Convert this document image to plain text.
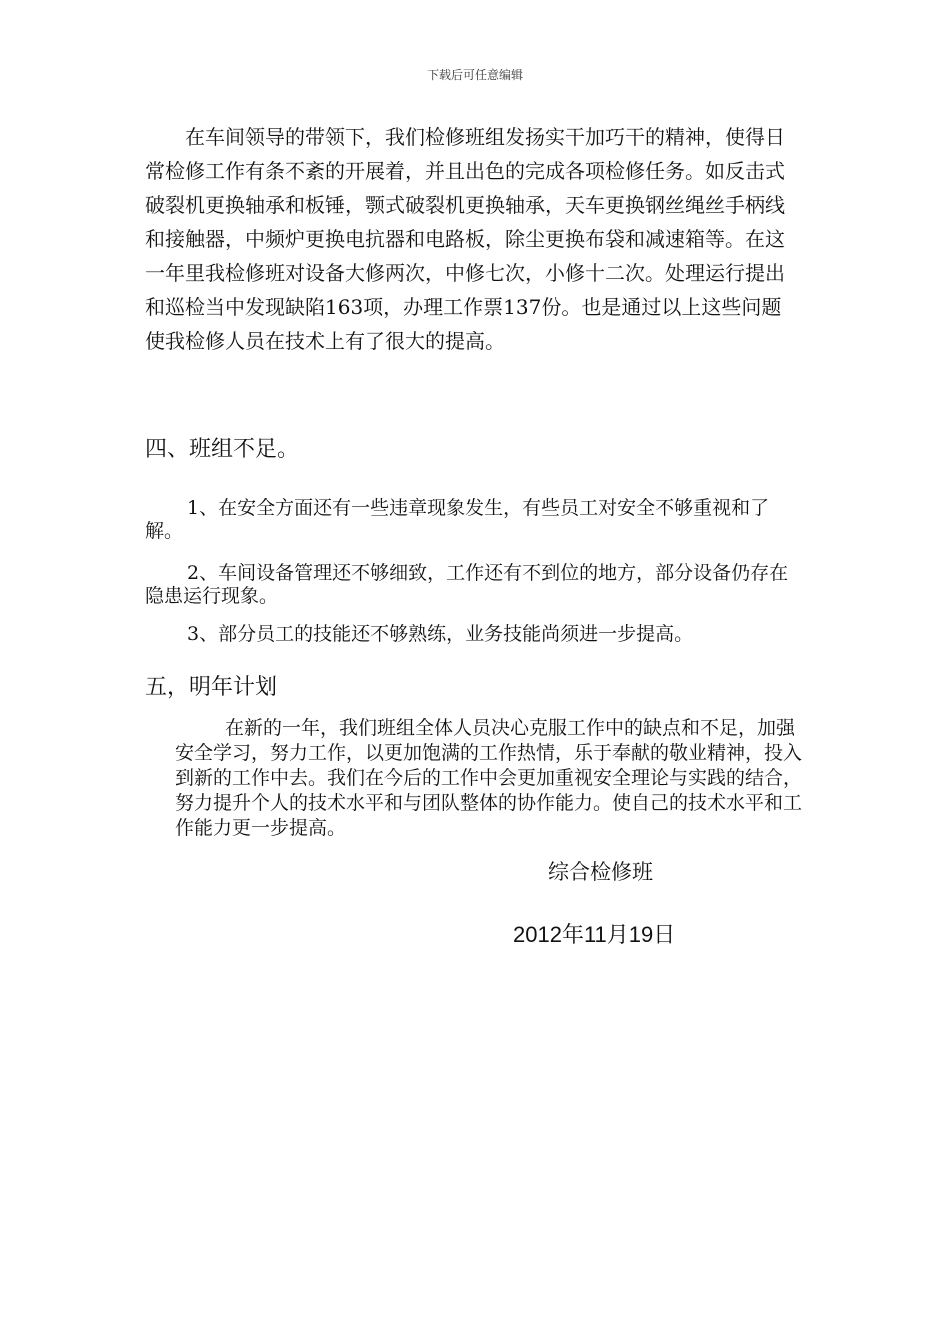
下载后可任意编辑

在车间领导的带领下，我们检修班组发扬实干加巧干的精神，使得日常检修工作有条不紊的开展着，并且出色的完成各项检修任务。如反击式破裂机更换轴承和板锤，颚式破裂机更换轴承，天车更换钢丝绳丝手柄线和接触器，中频炉更换电抗器和电路板，除尘更换布袋和减速箱等。在这一年里我检修班对设备大修两次，中修七次，小修十二次。处理运行提出和巡检当中发现缺陷163项，办理工作票137份。也是通过以上这些问题使我检修人员在技术上有了很大的提高。

四、班组不足。

1、在安全方面还有一些违章现象发生，有些员工对安全不够重视和了解。

2、车间设备管理还不够细致，工作还有不到位的地方，部分设备仍存在隐患运行现象。

3、部分员工的技能还不够熟练，业务技能尚须进一步提高。

五，明年计划

在新的一年，我们班组全体人员决心克服工作中的缺点和不足，加强安全学习，努力工作，以更加饱满的工作热情，乐于奉献的敬业精神，投入到新的工作中去。我们在今后的工作中会更加重视安全理论与实践的结合，努力提升个人的技术水平和与团队整体的协作能力。使自己的技术水平和工作能力更一步提高。

综合检修班
2012年11月19日
